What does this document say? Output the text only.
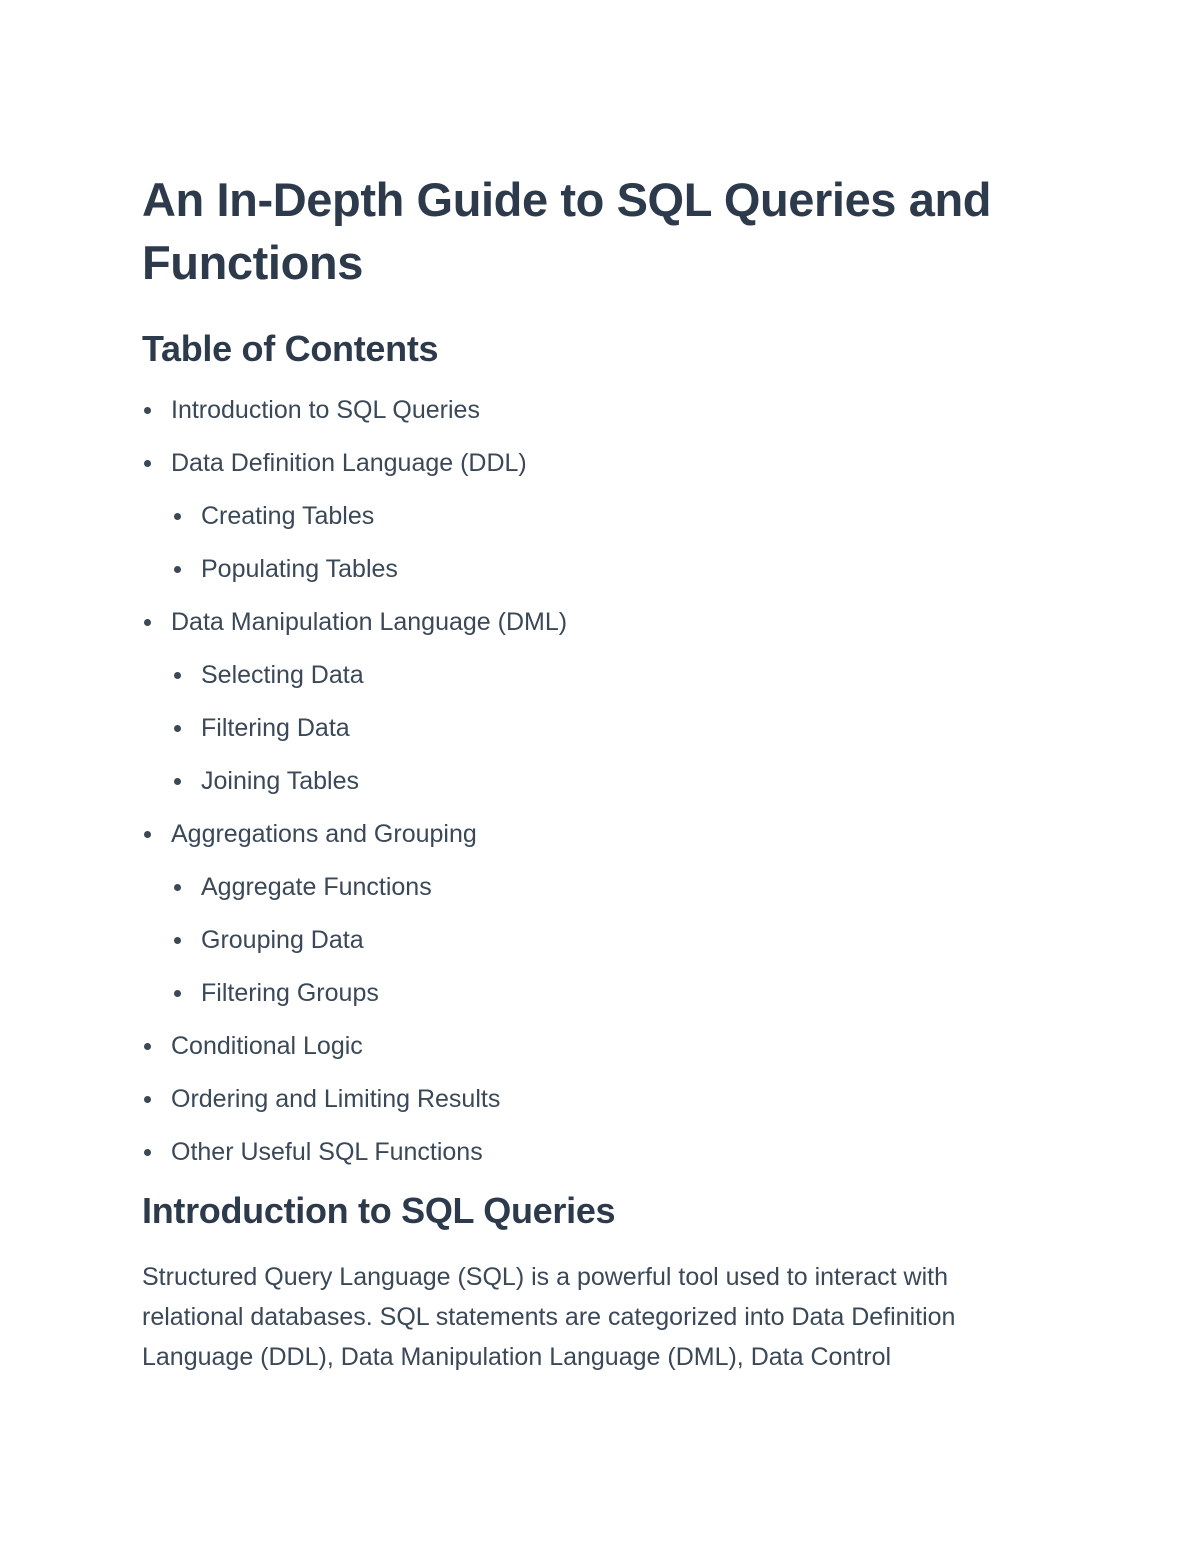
An In-Depth Guide to SQL Queries and Functions
Table of Contents
Introduction to SQL Queries
Data Definition Language (DDL)
Creating Tables
Populating Tables
Data Manipulation Language (DML)
Selecting Data
Filtering Data
Joining Tables
Aggregations and Grouping
Aggregate Functions
Grouping Data
Filtering Groups
Conditional Logic
Ordering and Limiting Results
Other Useful SQL Functions
Introduction to SQL Queries

Structured Query Language (SQL) is a powerful tool used to interact with relational databases. SQL statements are categorized into Data Definition Language (DDL), Data Manipulation Language (DML), Data Control
